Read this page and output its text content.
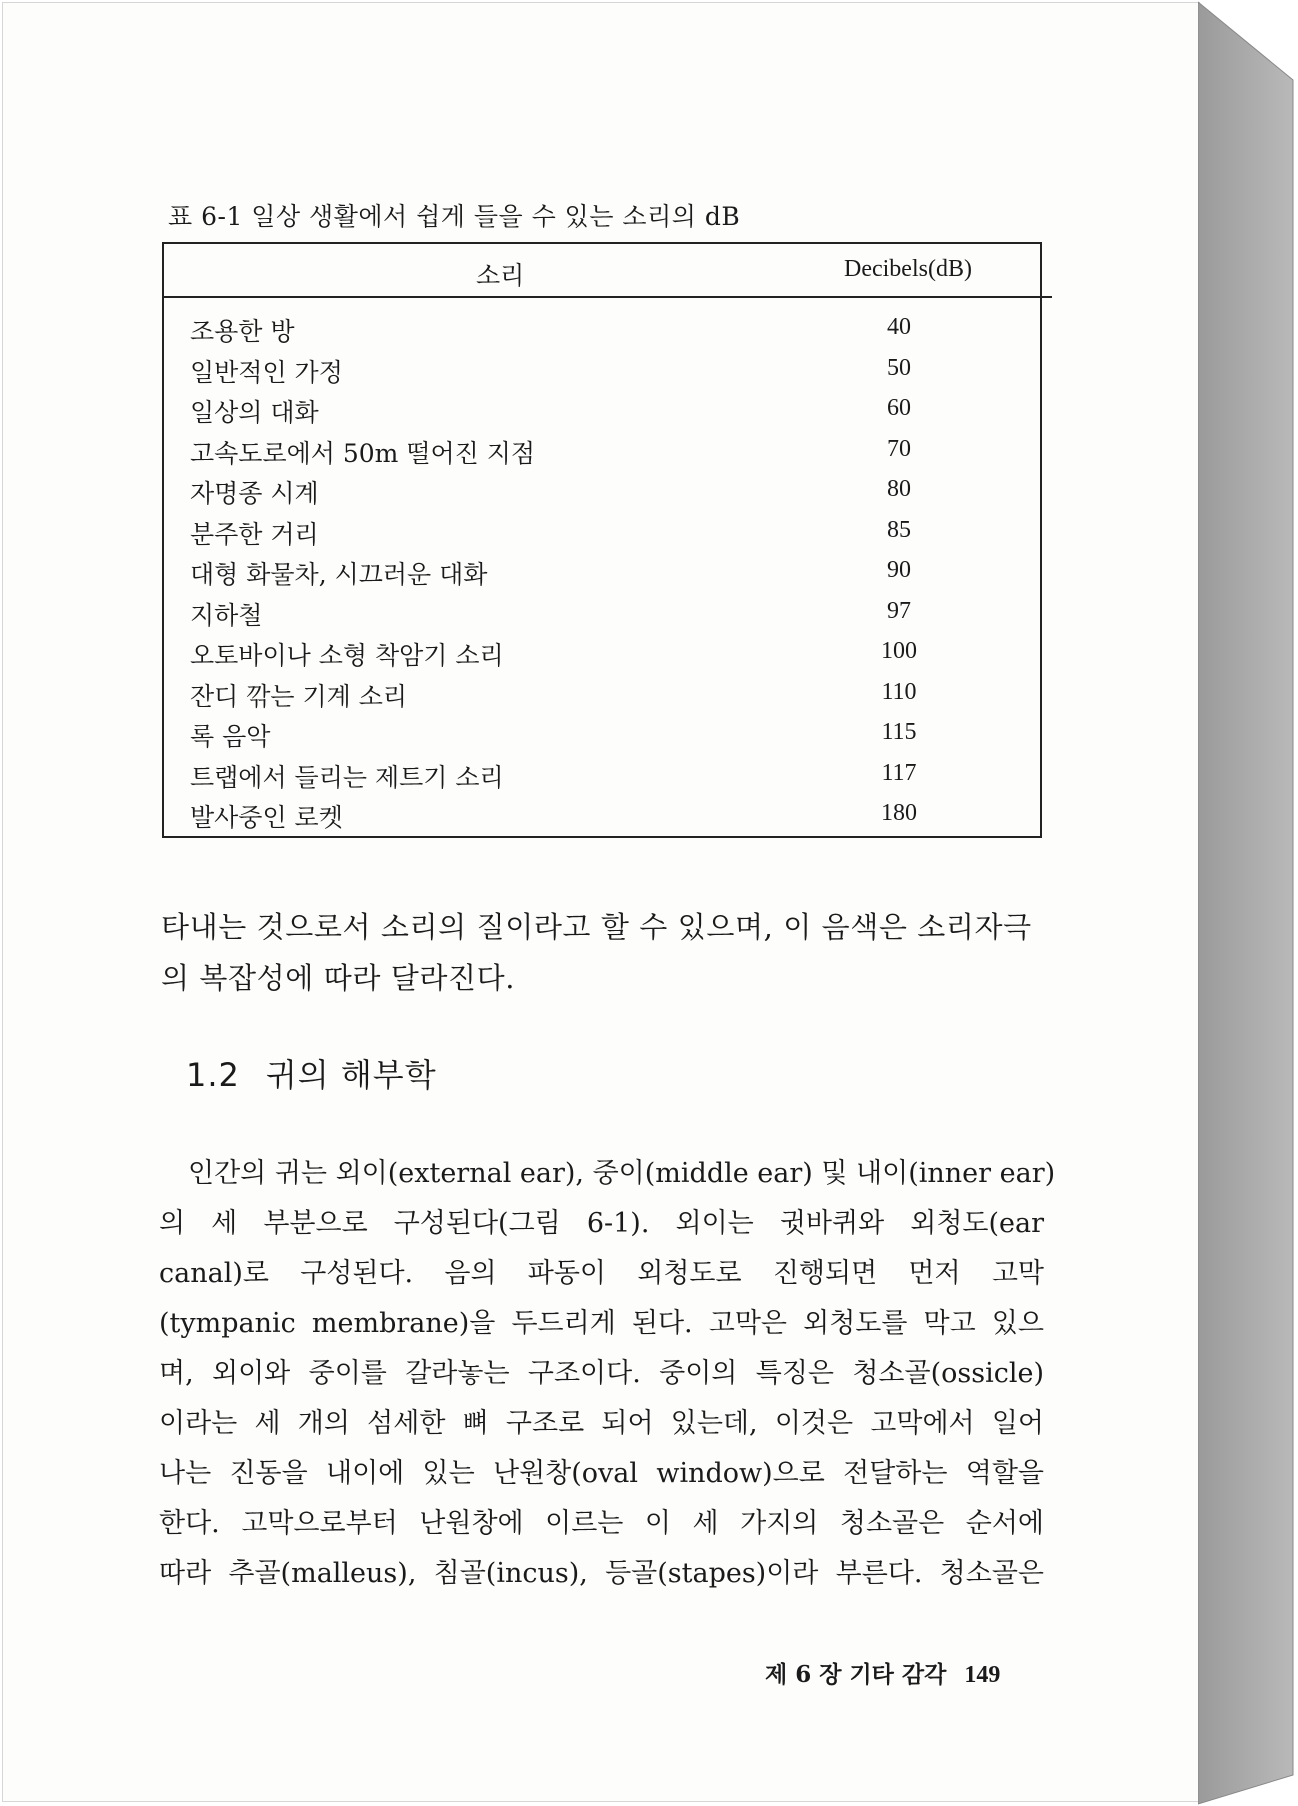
표 6-1 일상 생활에서 쉽게 들을 수 있는 소리의 dB
소리	Decibels(dB)
조용한 방	40
일반적인 가정	50
일상의 대화	60
고속도로에서 50m 떨어진 지점	70
자명종 시계	80
분주한 거리	85
대형 화물차, 시끄러운 대화	90
지하철	97
오토바이나 소형 착암기 소리	100
잔디 깎는 기계 소리	110
록 음악	115
트랩에서 들리는 제트기 소리	117
발사중인 로켓	180
타내는 것으로서 소리의 질이라고 할 수 있으며, 이 음색은 소리자극
의 복잡성에 따라 달라진다.
1.2 귀의 해부학
인간의 귀는 외이(external ear), 중이(middle ear) 및 내이(inner ear)
의 세 부분으로 구성된다(그림 6-1). 외이는 귓바퀴와 외청도(ear
canal)로 구성된다. 음의 파동이 외청도로 진행되면 먼저 고막
(tympanic membrane)을 두드리게 된다. 고막은 외청도를 막고 있으
며, 외이와 중이를 갈라놓는 구조이다. 중이의 특징은 청소골(ossicle)
이라는 세 개의 섬세한 뼈 구조로 되어 있는데, 이것은 고막에서 일어
나는 진동을 내이에 있는 난원창(oval window)으로 전달하는 역할을
한다. 고막으로부터 난원창에 이르는 이 세 가지의 청소골은 순서에
따라 추골(malleus), 침골(incus), 등골(stapes)이라 부른다. 청소골은
제 6 장 기타 감각 149
